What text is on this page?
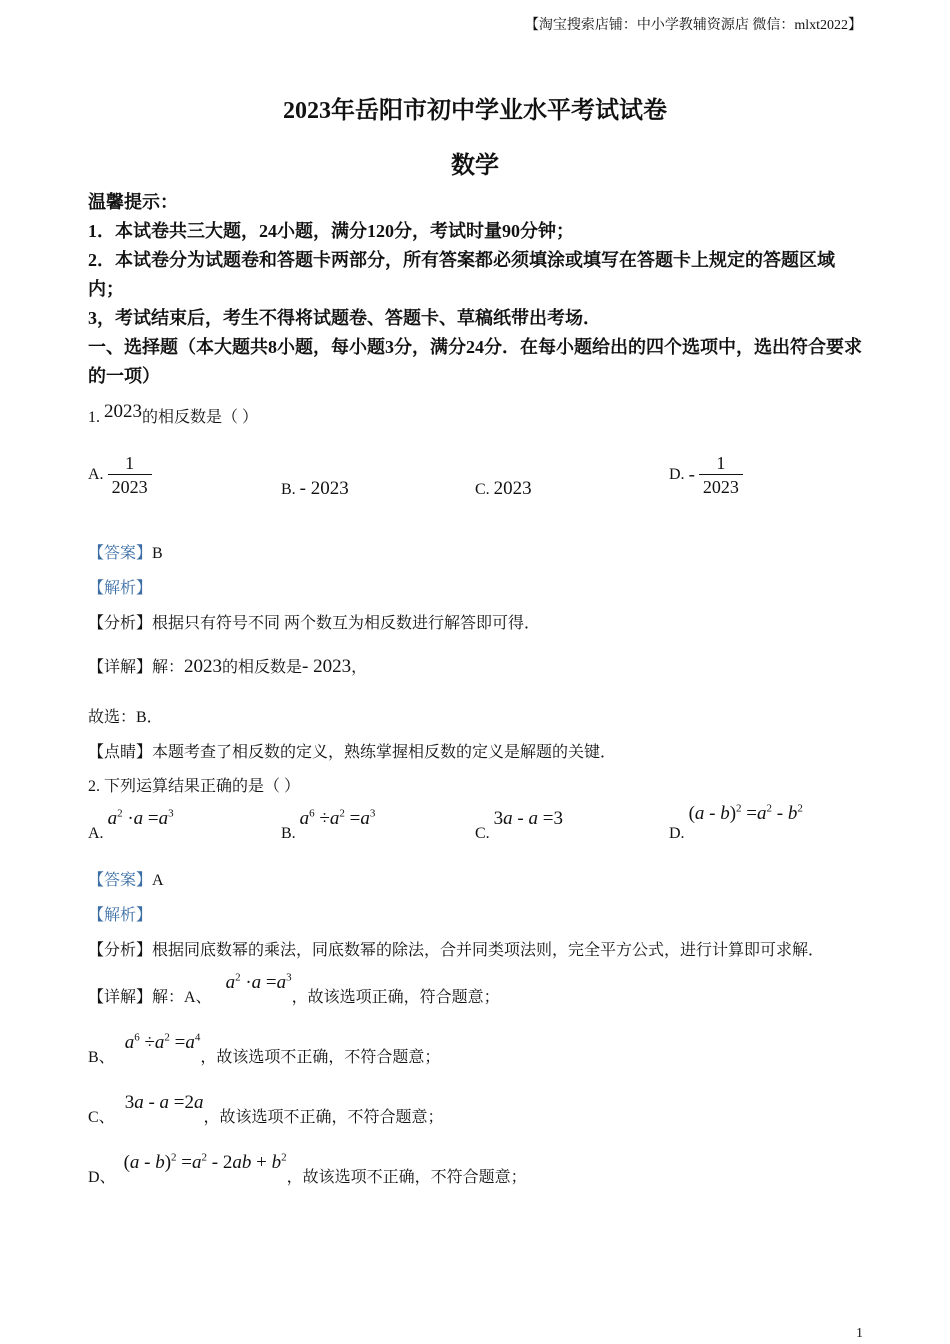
【淘宝搜索店铺：中小学教辅资源店 微信：mlxt2022】
2023年岳阳市初中学业水平考试试卷
数学
温馨提示：
1．本试卷共三大题，24小题，满分120分，考试时量90分钟；
2．本试卷分为试题卷和答题卡两部分，所有答案都必须填涂或填写在答题卡上规定的答题区域内；
3，考试结束后，考生不得将试题卷、答题卡、草稿纸带出考场．
一、选择题（本大题共8小题，每小题3分，满分24分．在每小题给出的四个选项中，选出符合要求的一项）
1. 2023的相反数是（ ）
A. $\frac{1}{2023}$	B. - 2023	C. 2023
D. - $\frac{1}{2023}$
【答案】B
【解析】
【分析】根据只有符号不同 两个数互为相反数进行解答即可得．
【详解】解：2023的相反数是- 2023，
故选：B．
【点睛】本题考查了相反数的定义，熟练掌握相反数的定义是解题的关键．
2. 下列运算结果正确的是（ ）
A. $a^2 \cdot a =a^3$
B. $a^6 \div a^2 =a^3$
C. 3a - a =3
D. $(a - b)^2 =a^2 - b^2$
【答案】A
【解析】
【分析】根据同底数幂的乘法，同底数幂的除法，合并同类项法则，完全平方公式，进行计算即可求解．
【详解】解：A、 $a^2 \cdot a =a^3$，故该选项正确，符合题意；
B、 $a^6 \div a^2 =a^4$，故该选项不正确，不符合题意；
C、 3a - a =2a，故该选项不正确，不符合题意；
D、 $(a - b)^2 =a^2 - 2ab + b^2$，故该选项不正确，不符合题意；
1
